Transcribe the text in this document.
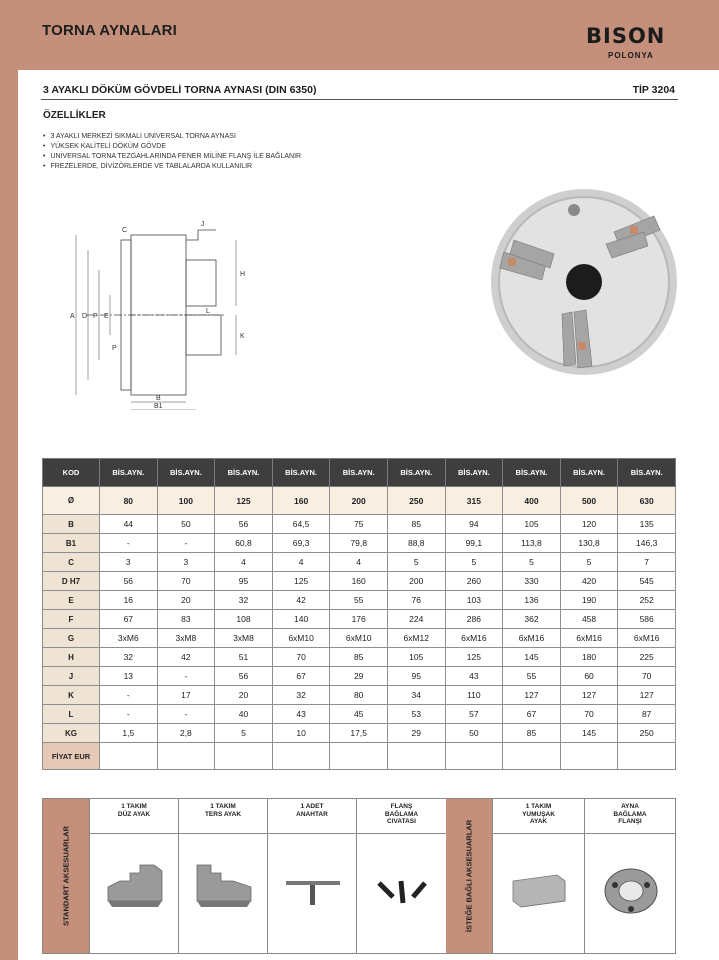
TORNA AYNALARI	BISON
POLONYA
3 AYAKLI DÖKÜM GÖVDELİ TORNA AYNASI (DIN 6350)	TİP 3204
ÖZELLİKLER
• 3 AYAKLI MERKEZİ SIKMALI UNİVERSAL TORNA AYNASI
• YÜKSEK KALİTELİ DÖKÜM GÖVDE
• UNİVERSAL TORNA TEZGAHLARINDA FENER MİLİNE FLANŞ İLE BAĞLANIR
• FREZELERDE, DİVİZÖRLERDE VE TABLALARDA KULLANILIR
A D F E
P
C
J
H
L
K
B
B1
KOD	BİS.AYN.	BİS.AYN.	BİS.AYN.	BİS.AYN.	BİS.AYN.	BİS.AYN.	BİS.AYN.	BİS.AYN.	BİS.AYN.	BİS.AYN.
Ø	80	100	125	160	200	250	315	400	500	630
B	44	50	56	64,5	75	85	94	105	120	135
B1	-	-	60,8	69,3	79,8	88,8	99,1	113,8	130,8	146,3
C	3	3	4	4	4	5	5	5	5	7
D H7	56	70	95	125	160	200	260	330	420	545
E	16	20	32	42	55	76	103	136	190	252
F	67	83	108	140	176	224	286	362	458	586
G	3xM6	3xM8	3xM8	6xM10	6xM10	6xM12	6xM16	6xM16	6xM16	6xM16
H	32	42	51	70	85	105	125	145	180	225
J	13	-	56	67	29	95	43	55	60	70
K	-	17	20	32	80	34	110	127	127	127
L	-	-	40	43	45	53	57	67	70	87
KG	1,5	2,8	5	10	17,5	29	50	85	145	250
FİYAT EUR										
STANDART AKSESUARLAR
1 TAKIM
DÜZ AYAK
1 TAKIM
TERS AYAK
1 ADET
ANAHTAR
FLANŞ
BAĞLAMA
CIVATASI	İSTEĞE BAĞLI AKSESUARLAR
1 TAKIM
YUMUŞAK
AYAK
AYNA
BAĞLAMA
FLANŞI
